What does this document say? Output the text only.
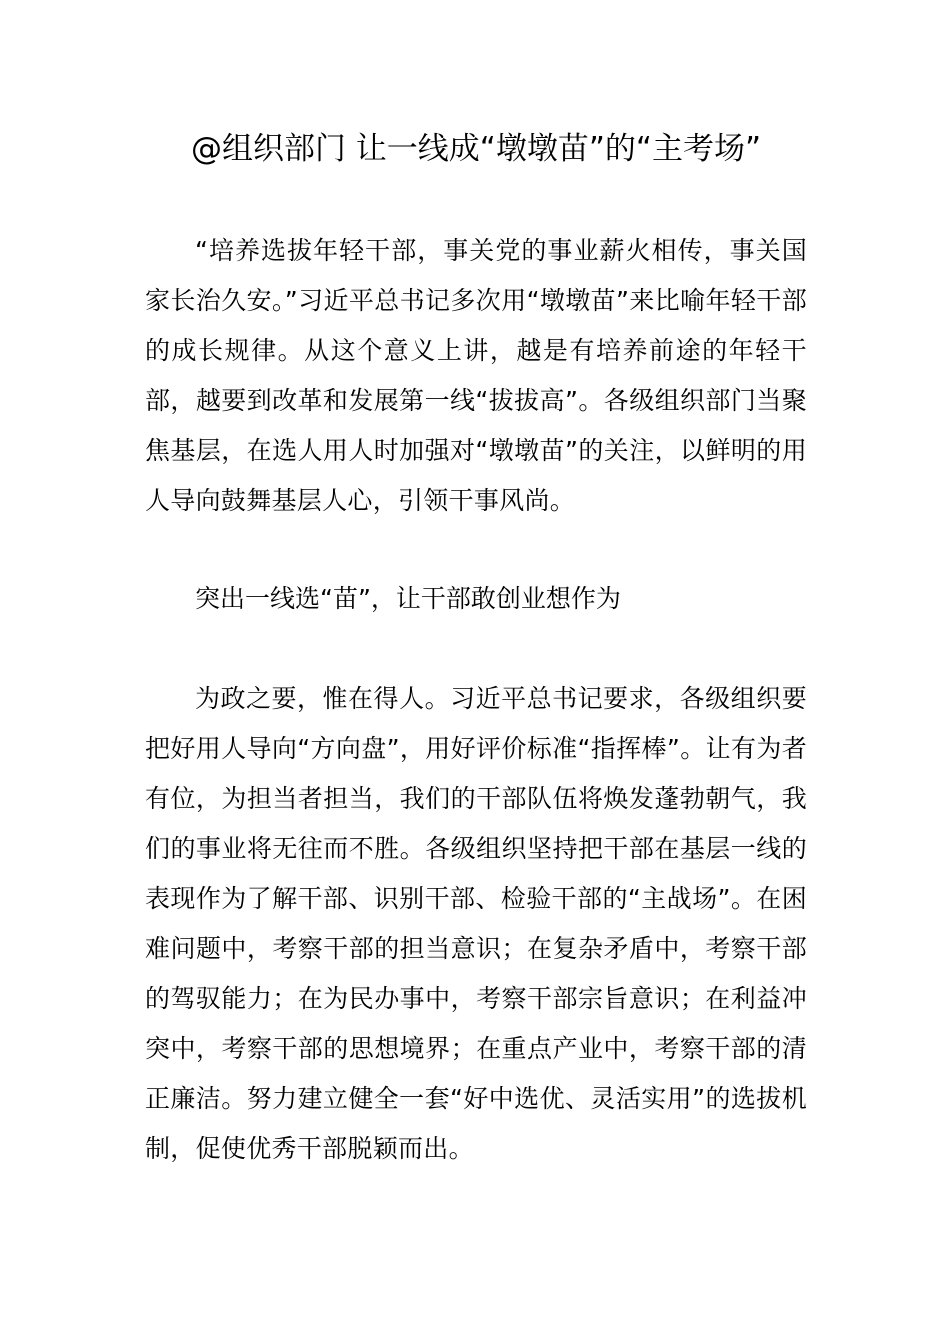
@组织部门 让一线成“墩墩苗”的“主考场”

“培养选拔年轻干部，事关党的事业薪火相传，事关国家长治久安。”习近平总书记多次用“墩墩苗”来比喻年轻干部的成长规律。从这个意义上讲，越是有培养前途的年轻干部，越要到改革和发展第一线“拔拔高”。各级组织部门当聚焦基层，在选人用人时加强对“墩墩苗”的关注，以鲜明的用人导向鼓舞基层人心，引领干事风尚。

突出一线选“苗”，让干部敢创业想作为

为政之要，惟在得人。习近平总书记要求，各级组织要把好用人导向“方向盘”，用好评价标准“指挥棒”。让有为者有位，为担当者担当，我们的干部队伍将焕发蓬勃朝气，我们的事业将无往而不胜。各级组织坚持把干部在基层一线的表现作为了解干部、识别干部、检验干部的“主战场”。在困难问题中，考察干部的担当意识；在复杂矛盾中，考察干部的驾驭能力；在为民办事中，考察干部宗旨意识；在利益冲突中，考察干部的思想境界；在重点产业中，考察干部的清正廉洁。努力建立健全一套“好中选优、灵活实用”的选拔机制，促使优秀干部脱颖而出。
